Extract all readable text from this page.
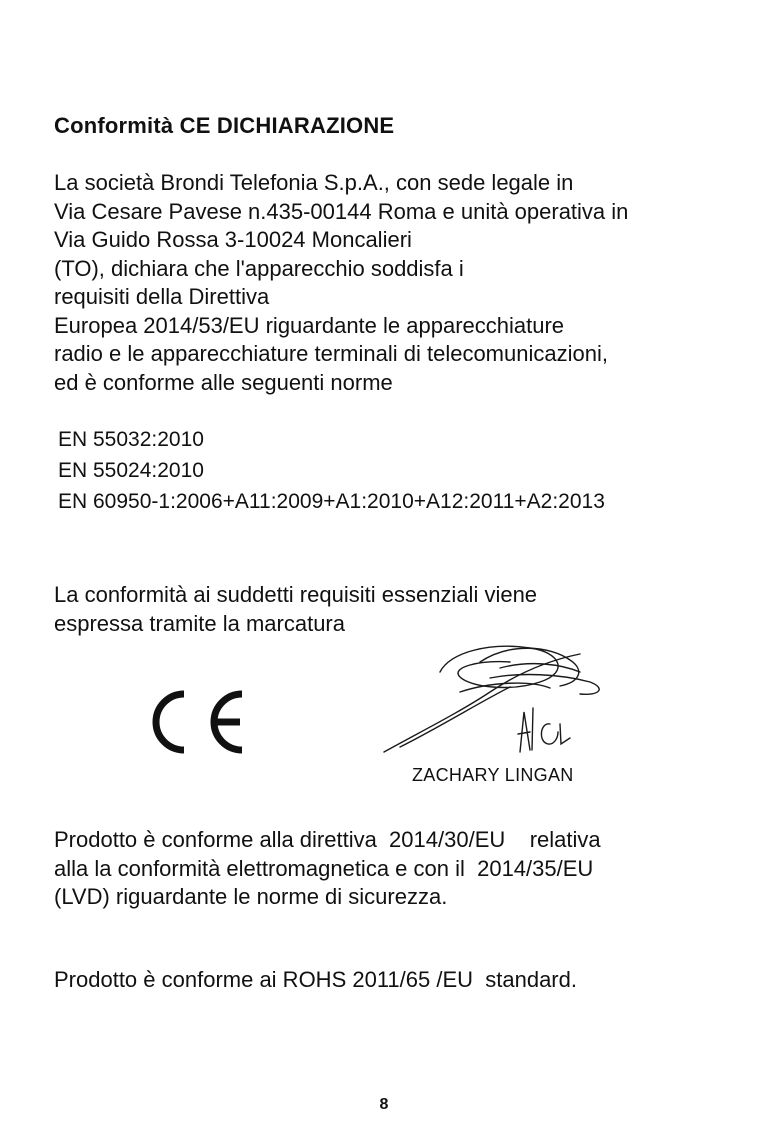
Conformità CE DICHIARAZIONE
La società Brondi Telefonia S.p.A., con sede legale in
Via Cesare Pavese n.435-00144 Roma e unità operativa in
Via Guido Rossa 3-10024 Moncalieri
(TO), dichiara che l'apparecchio soddisfa i
requisiti della Direttiva
Europea 2014/53/EU riguardante le apparecchiature
radio e le apparecchiature terminali di telecomunicazioni,
ed è conforme alle seguenti norme
EN 55032:2010
EN 55024:2010
EN 60950-1:2006+A11:2009+A1:2010+A12:2011+A2:2013
La conformità ai suddetti requisiti essenziali viene
espressa tramite la marcatura
ZACHARY LINGAN
Prodotto è conforme alla direttiva  2014/30/EU    relativa
alla la conformità elettromagnetica e con il  2014/35/EU
(LVD) riguardante le norme di sicurezza.
Prodotto è conforme ai ROHS 2011/65 /EU  standard.
8
